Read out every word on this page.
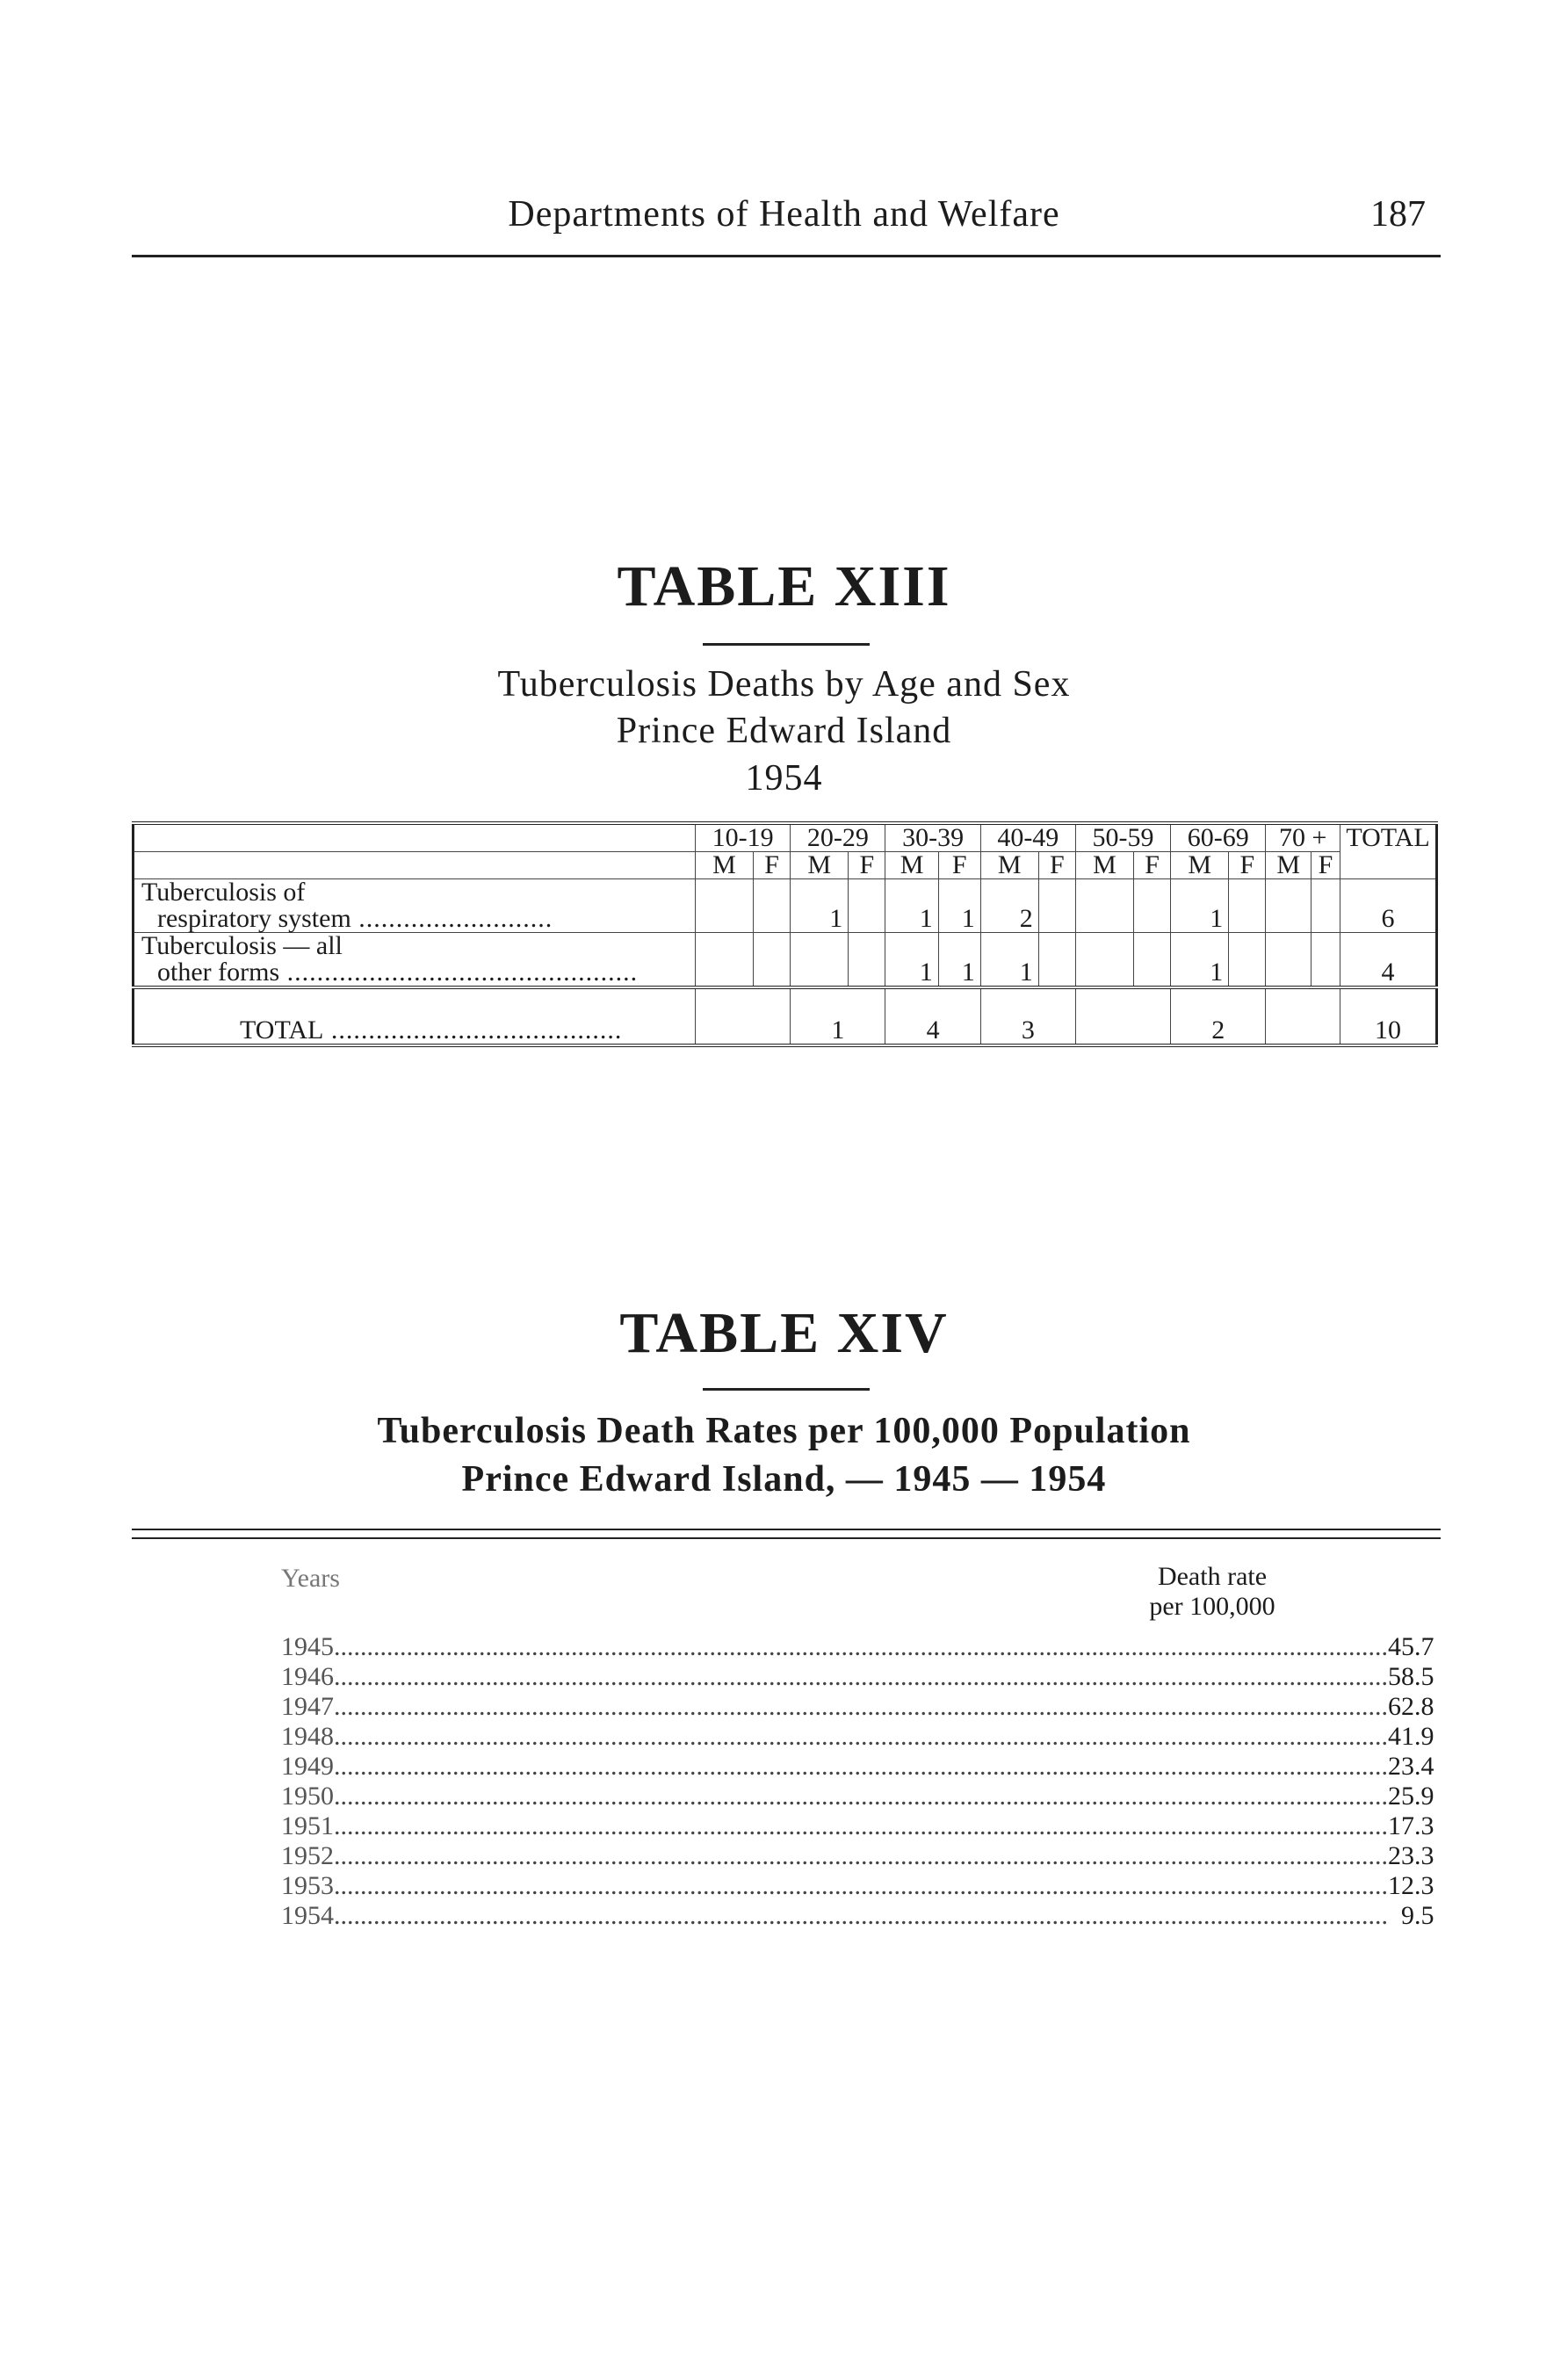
Departments of Health and Welfare	187
TABLE XIII
Tuberculosis Deaths by Age and Sex
Prince Edward Island
1954
	10-19		20-29		30-39		40-49		50-59		60-69		70 +		TOTAL
	M	F	M	F	M	F	M	F	M	F	M	F	M	F	

Tuberculosis of
respiratory system ..........................			1		1	1	2				1				6

Tuberculosis — all
other forms ...............................................					1	1	1				1				4

TOTAL .......................................			1		4		3				2				10
TABLE XIV
Tuberculosis Death Rates per 100,000 Population
Prince Edward Island, — 1945 — 1954
Years	Death rate
per 100,000
1945	................................................................................................................................................................	45.7
1946	................................................................................................................................................................	58.5
1947	................................................................................................................................................................	62.8
1948	................................................................................................................................................................	41.9
1949	................................................................................................................................................................	23.4
1950	................................................................................................................................................................	25.9
1951	................................................................................................................................................................	17.3
1952	................................................................................................................................................................	23.3
1953	................................................................................................................................................................	12.3
1954	................................................................................................................................................................	9.5
